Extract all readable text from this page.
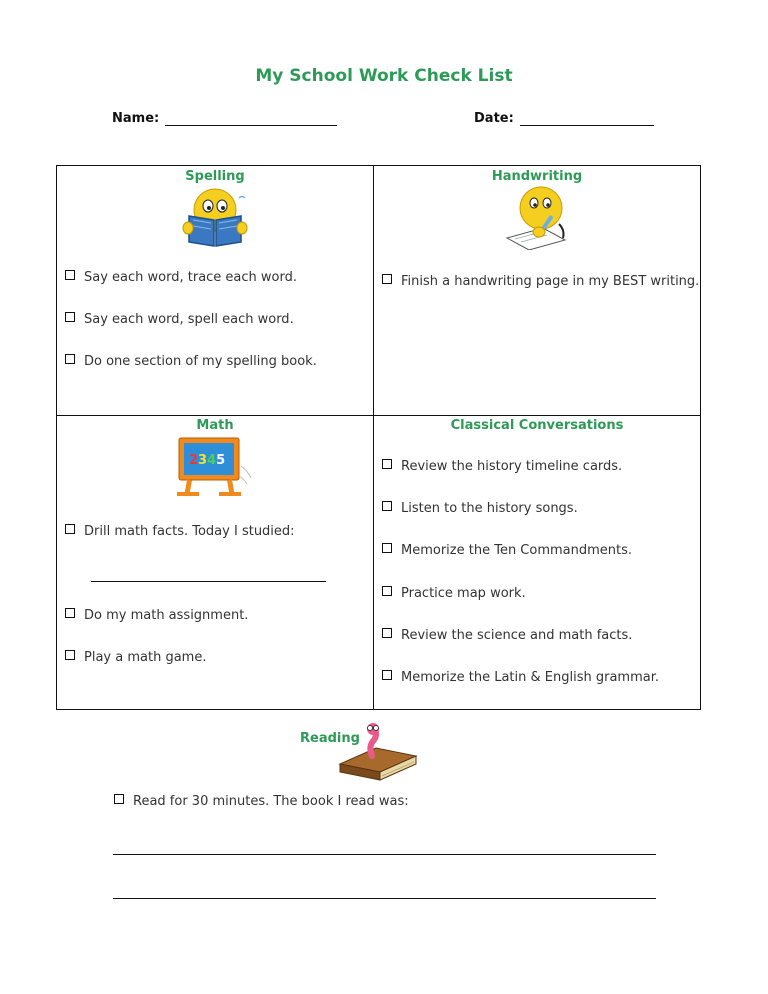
My School Work Check List
Name:	Date:
Spelling
Say each word, trace each word.
Say each word, spell each word.
Do one section of my spelling book.
Handwriting
Finish a handwriting page in my BEST writing.
Math
2345
Drill math facts. Today I studied:
Do my math assignment.
Play a math game.
Classical Conversations
Review the history timeline cards.
Listen to the history songs.
Memorize the Ten Commandments.
Practice map work.
Review the science and math facts.
Memorize the Latin & English grammar.
Reading
Read for 30 minutes. The book I read was:
